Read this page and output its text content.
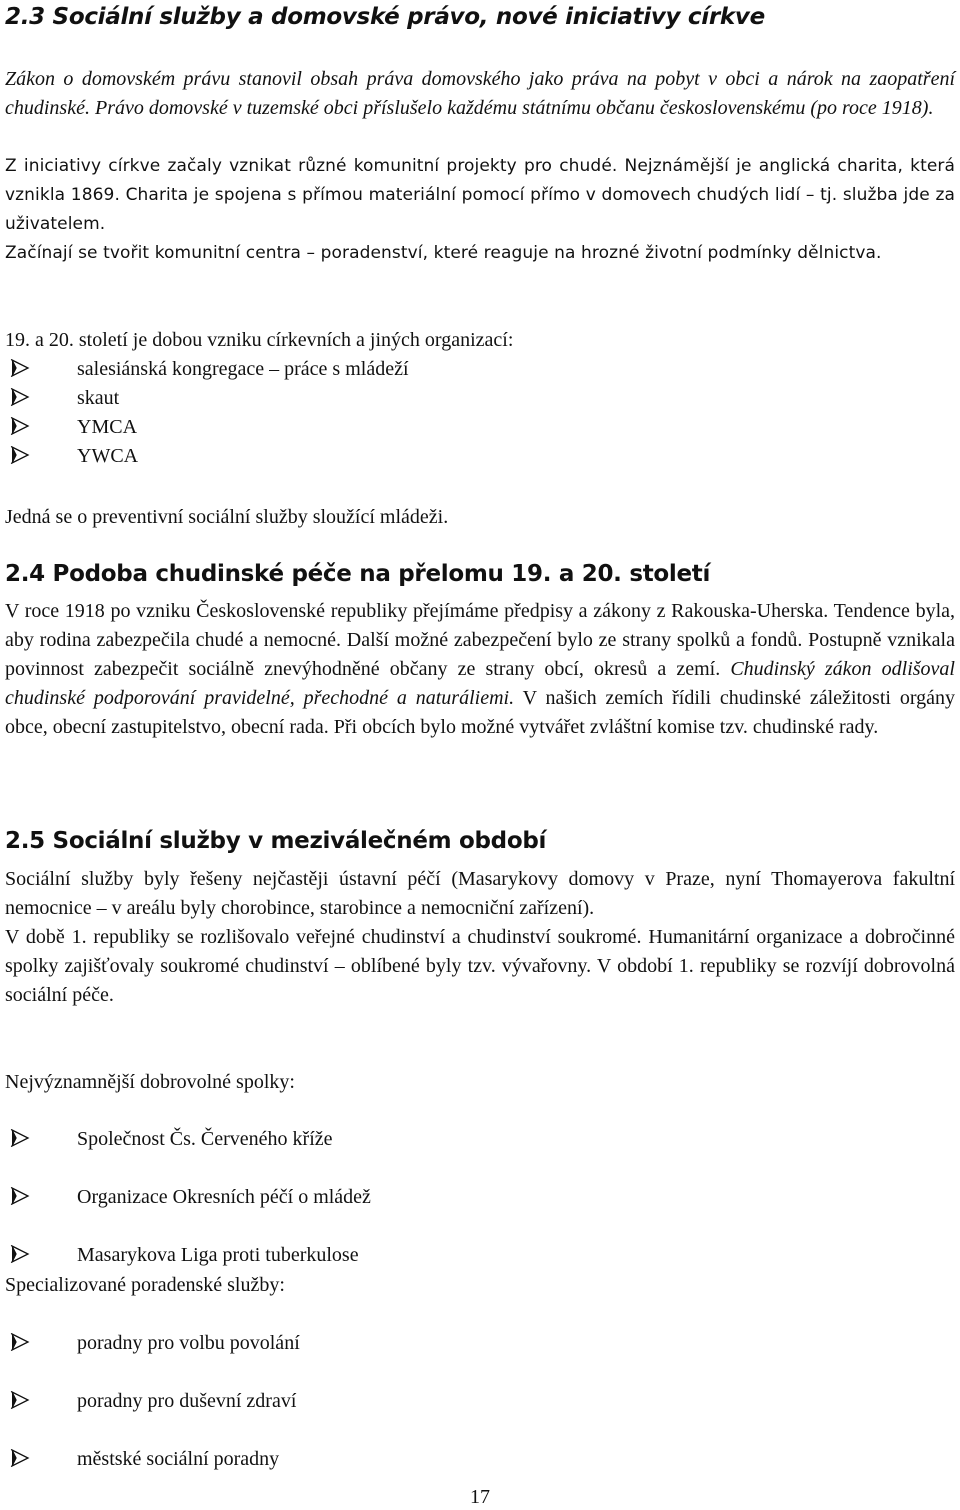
2.3 Sociální služby a domovské právo, nové iniciativy církve

Zákon o domovském právu stanovil obsah práva domovského jako práva na pobyt v obci a nárok na zaopatření chudinské. Právo domovské v tuzemské obci příslušelo každému státnímu občanu československému (po roce 1918).

Z iniciativy církve začaly vznikat různé komunitní projekty pro chudé. Nejznámější je anglická charita, která vznikla 1869. Charita je spojena s přímou materiální pomocí přímo v domovech chudých lidí – tj. služba jde za uživatelem.

Začínají se tvořit komunitní centra – poradenství, které reaguje na hrozné životní podmínky dělnictva.

19. a 20. století je dobou vzniku církevních a jiných organizací:

salesiánská kongregace – práce s mládeží
skaut
YMCA
YWCA

Jedná se o preventivní sociální služby sloužící mládeži.

2.4 Podoba chudinské péče na přelomu 19. a 20. století

V roce 1918 po vzniku Československé republiky přejímáme předpisy a zákony z Rakouska-Uherska. Tendence byla, aby rodina zabezpečila chudé a nemocné. Další možné zabezpečení bylo ze strany spolků a fondů. Postupně vznikala povinnost zabezpečit sociálně znevýhodněné občany ze strany obcí, okresů a zemí. Chudinský zákon odlišoval chudinské podporování pravidelné, přechodné a naturáliemi. V našich zemích řídili chudinské záležitosti orgány obce, obecní zastupitelstvo, obecní rada. Při obcích bylo možné vytvářet zvláštní komise tzv. chudinské rady.

2.5 Sociální služby v meziválečném období

Sociální služby byly řešeny nejčastěji ústavní péčí (Masarykovy domovy v Praze, nyní Thomayerova fakultní nemocnice – v areálu byly chorobince, starobince a nemocniční zařízení).

V době 1. republiky se rozlišovalo veřejné chudinství a chudinství soukromé. Humanitární organizace a dobročinné spolky zajišťovaly soukromé chudinství – oblíbené byly tzv. vývařovny. V období 1. republiky se rozvíjí dobrovolná sociální péče.

Nejvýznamnější dobrovolné spolky:

Společnost Čs. Červeného kříže
Organizace Okresních péčí o mládež
Masarykova Liga proti tuberkulose

Specializované poradenské služby:

poradny pro volbu povolání
poradny pro duševní zdraví
městské sociální poradny
17
